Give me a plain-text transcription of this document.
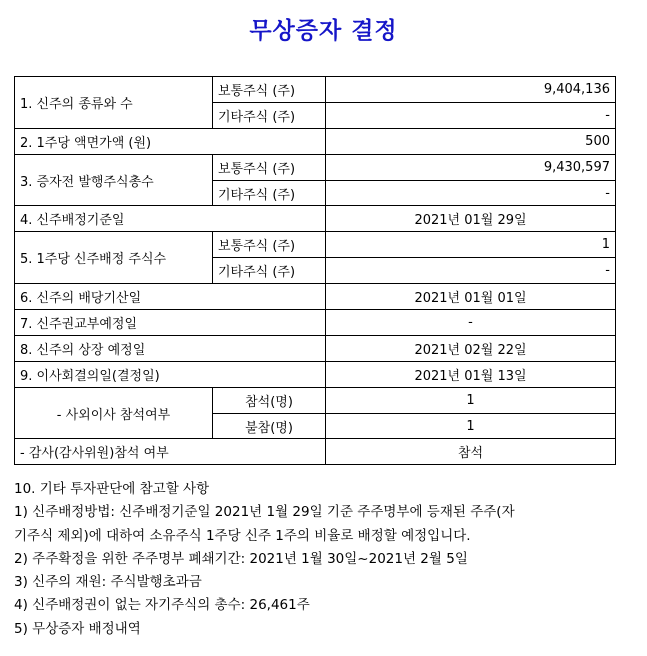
무상증자 결정
1. 신주의 종류와 수	보통주식 (주)	9,404,136
	기타주식 (주)	-
2. 1주당 액면가액 (원)		500
3. 증자전 발행주식총수	보통주식 (주)	9,430,597
	기타주식 (주)	-
4. 신주배정기준일		2021년 01월 29일
5. 1주당 신주배정 주식수	보통주식 (주)	1
	기타주식 (주)	-
6. 신주의 배당기산일		2021년 01월 01일
7. 신주권교부예정일		-
8. 신주의 상장 예정일		2021년 02월 22일
9. 이사회결의일(결정일)		2021년 01월 13일
- 사외이사 참석여부	참석(명)	1
	불참(명)	1
- 감사(감사위원)참석 여부		참석
10. 기타 투자판단에 참고할 사항
1) 신주배정방법: 신주배정기준일 2021년 1월 29일 기준 주주명부에 등재된 주주(자
기주식 제외)에 대하여 소유주식 1주당 신주 1주의 비율로 배정할 예정입니다.
2) 주주확정을 위한 주주명부 폐쇄기간: 2021년 1월 30일~2021년 2월 5일
3) 신주의 재원: 주식발행초과금
4) 신주배정권이 없는 자기주식의 총수: 26,461주
5) 무상증자 배정내역
